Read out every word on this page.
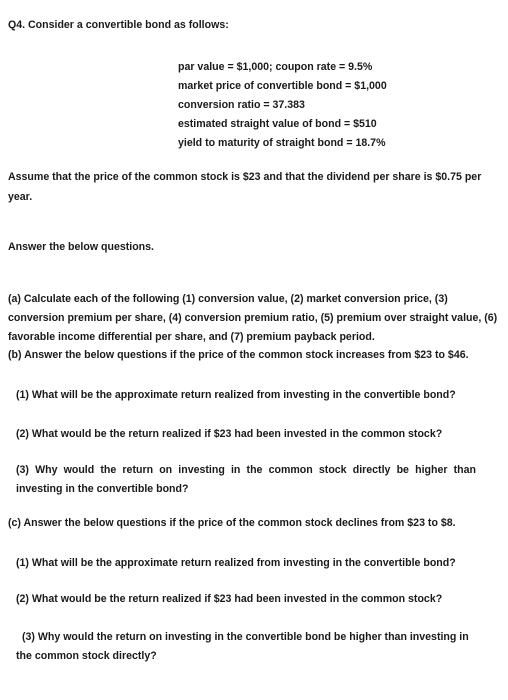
Q4. Consider a convertible bond as follows:

par value = $1,000; coupon rate = 9.5%
market price of convertible bond = $1,000
conversion ratio = 37.383
estimated straight value of bond = $510
yield to maturity of straight bond = 18.7%

Assume that the price of the common stock is $23 and that the dividend per share is $0.75 per year.

Answer the below questions.

(a) Calculate each of the following (1) conversion value, (2) market conversion price, (3) conversion premium per share, (4) conversion premium ratio, (5) premium over straight value, (6) favorable income differential per share, and (7) premium payback period.

(b) Answer the below questions if the price of the common stock increases from $23 to $46.

(1) What will be the approximate return realized from investing in the convertible bond?

(2) What would be the return realized if $23 had been invested in the common stock?

(3) Why would the return on investing in the common stock directly be higher than investing in the convertible bond?

(c) Answer the below questions if the price of the common stock declines from $23 to $8.

(1) What will be the approximate return realized from investing in the convertible bond?

(2) What would be the return realized if $23 had been invested in the common stock?

(3) Why would the return on investing in the convertible bond be higher than investing in the common stock directly?
